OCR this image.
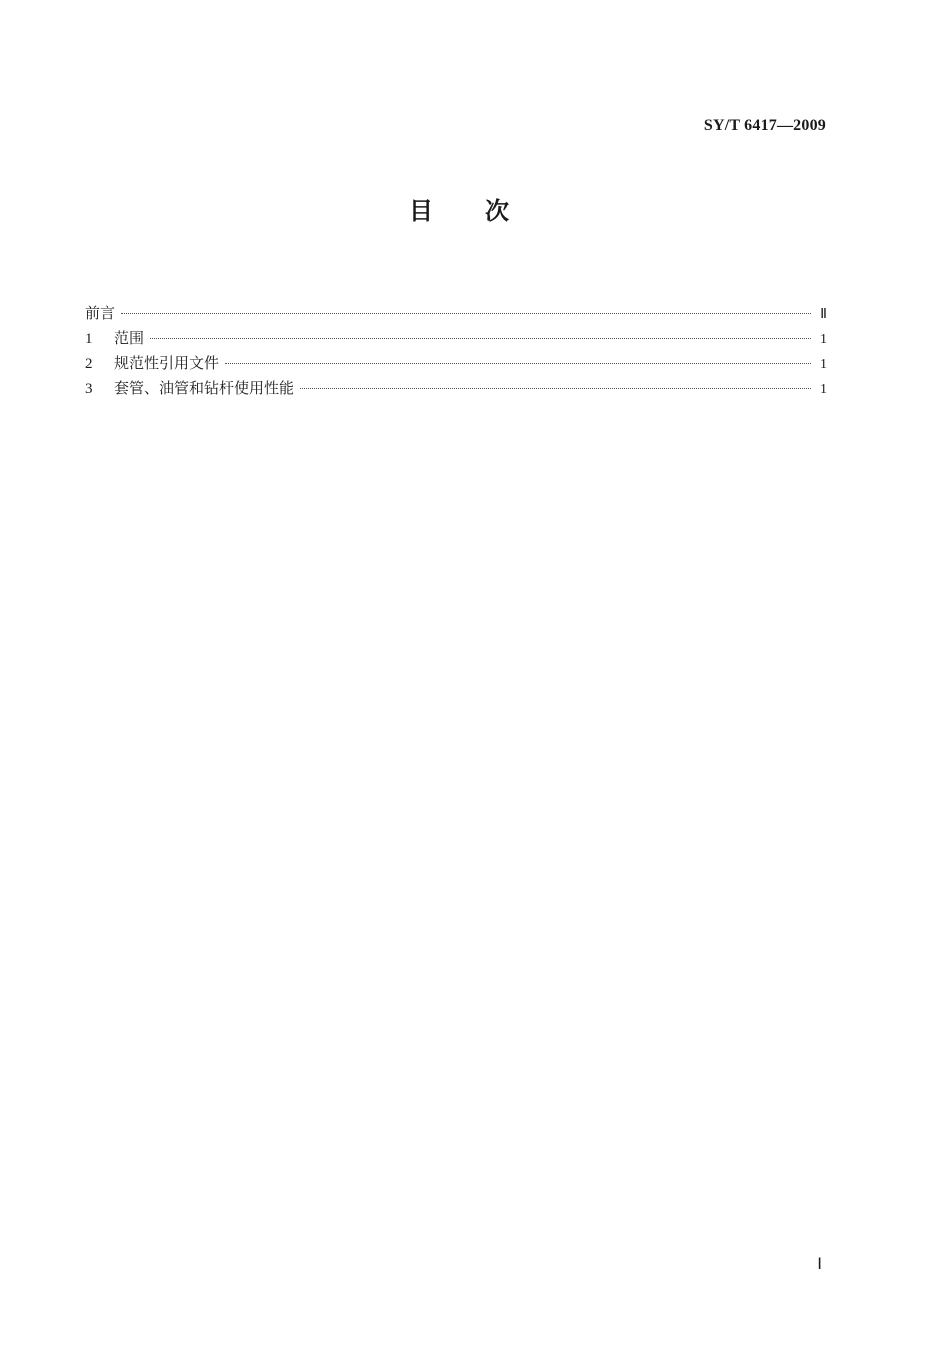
SY/T 6417—2009
目 次
前言	Ⅱ
1	范围	1
2	规范性引用文件	1
3	套管、油管和钻杆使用性能	1
Ⅰ
